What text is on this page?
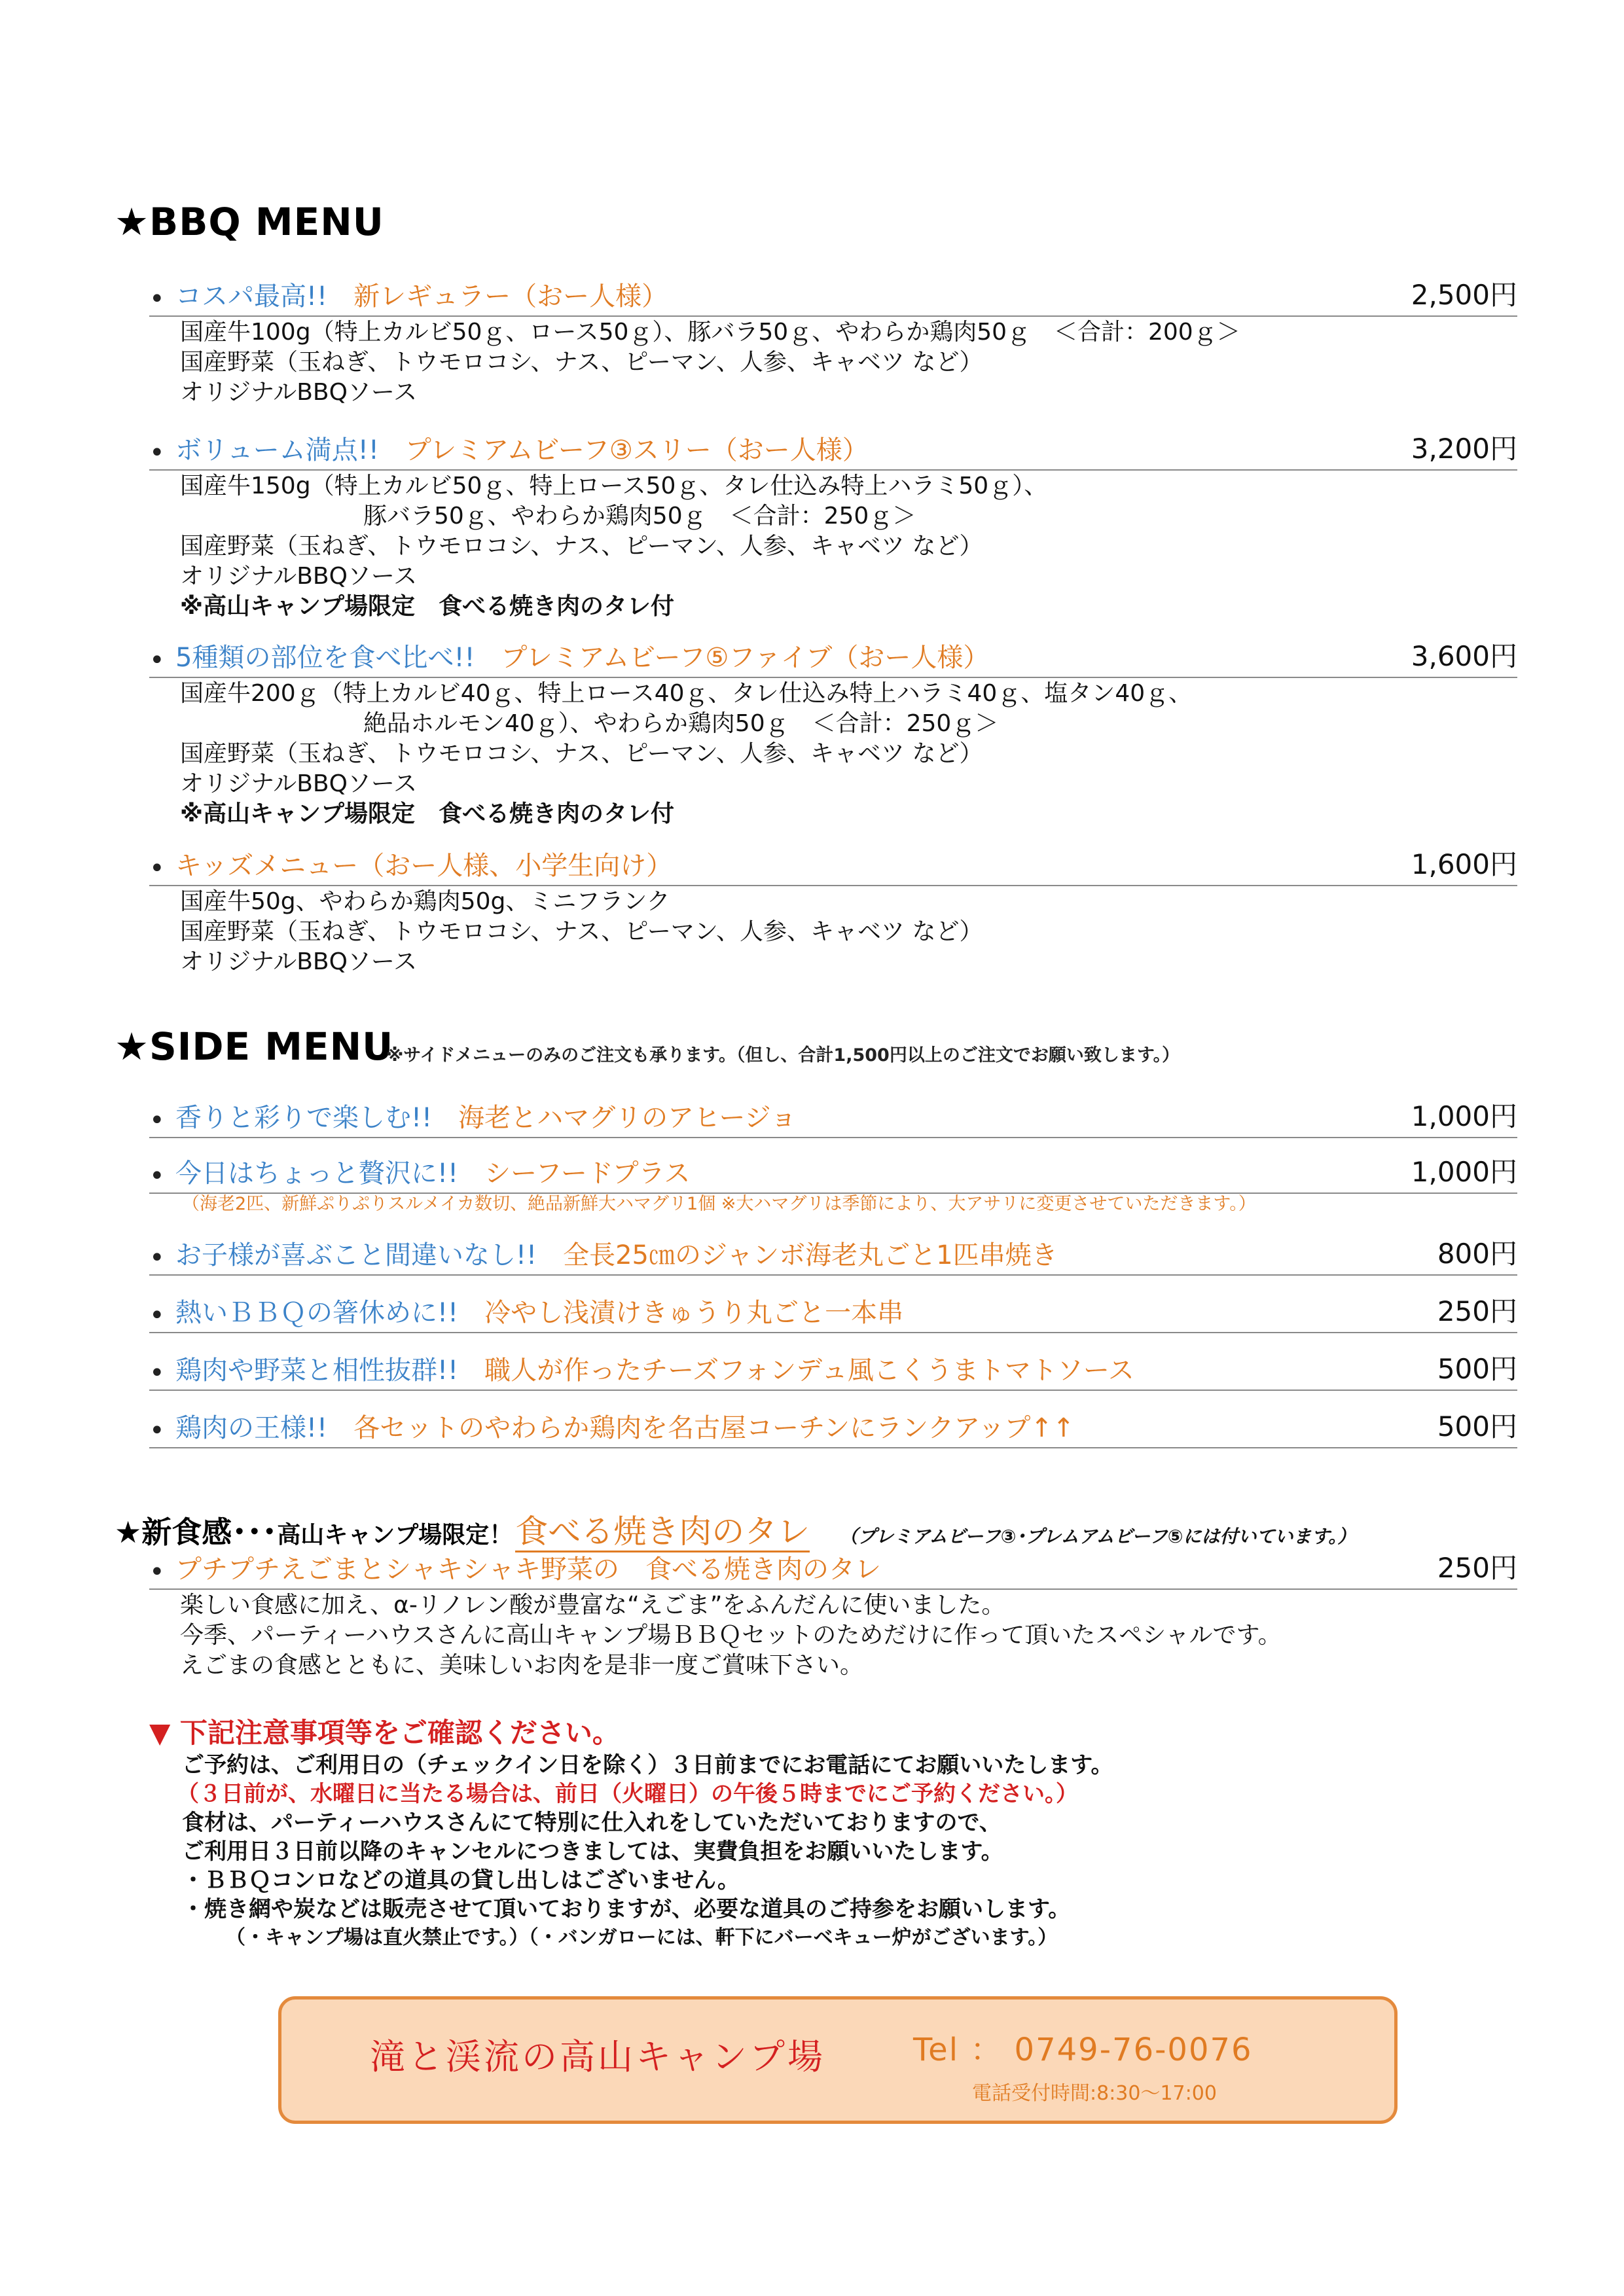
★BBQ MENU
• コスパ最高!!　 新レギュラー（おー人様）	2,500円
国産牛100g（特上カルビ50ｇ、ロース50ｇ）、豚バラ50ｇ、やわらか鶏肉50ｇ　＜合計：200ｇ＞
国産野菜（玉ねぎ、トウモロコシ、ナス、ピーマン、人参、キャベツ など）
オリジナルBBQソース
• ボリューム満点!!　 プレミアムビーフ③スリー（おー人様）	3,200円
国産牛150g（特上カルビ50ｇ、特上ロース50ｇ、タレ仕込み特上ハラミ50ｇ）、
豚バラ50ｇ、やわらか鶏肉50ｇ　＜合計：250ｇ＞
国産野菜（玉ねぎ、トウモロコシ、ナス、ピーマン、人参、キャベツ など）
オリジナルBBQソース
※高山キャンプ場限定　食べる焼き肉のタレ付
• 5種類の部位を食べ比べ!!　 プレミアムビーフ⑤ファイブ（おー人様）	3,600円
国産牛200ｇ（特上カルビ40ｇ、特上ロース40ｇ、タレ仕込み特上ハラミ40ｇ、塩タン40ｇ、
絶品ホルモン40ｇ）、やわらか鶏肉50ｇ　＜合計：250ｇ＞
国産野菜（玉ねぎ、トウモロコシ、ナス、ピーマン、人参、キャベツ など）
オリジナルBBQソース
※高山キャンプ場限定　食べる焼き肉のタレ付
• キッズメニュー（おー人様、小学生向け）	1,600円
国産牛50g、やわらか鶏肉50g、ミニフランク
国産野菜（玉ねぎ、トウモロコシ、ナス、ピーマン、人参、キャベツ など）
オリジナルBBQソース
★SIDE MENU
※サイドメニューのみのご注文も承ります。（但し、合計1,500円以上のご注文でお願い致します。）
• 香りと彩りで楽しむ!!　 海老とハマグリのアヒージョ	1,000円
• 今日はちょっと贅沢に!!　 シーフードプラス	1,000円
（海老2匹、新鮮ぷりぷりスルメイカ数切、絶品新鮮大ハマグリ1個 ※大ハマグリは季節により、大アサリに変更させていただきます。）
• お子様が喜ぶこと間違いなし!!　 全長25㎝のジャンボ海老丸ごと1匹串焼き	800円
• 熱いＢＢＱの箸休めに!!　 冷やし浅漬けきゅうり丸ごと一本串	250円
• 鶏肉や野菜と相性抜群!!　 職人が作ったチーズフォンデュ風こくうまトマトソース	500円
• 鶏肉の王様!!　 各セットのやわらか鶏肉を名古屋コーチンにランクアップ↑↑	500円
★新食感･･･高山キャンプ場限定！食べる焼き肉のタレ （プレミアムビーフ③･プレムアムビーフ⑤には付いています。）
• プチプチえごまとシャキシャキ野菜の　食べる焼き肉のタレ	250円
楽しい食感に加え、α-リノレン酸が豊富な“えごま”をふんだんに使いました。
今季、パーティーハウスさんに高山キャンプ場ＢＢＱセットのためだけに作って頂いたスペシャルです。
えごまの食感とともに、美味しいお肉を是非一度ご賞味下さい。
▼ 下記注意事項等をご確認ください。
ご予約は、ご利用日の（チェックイン日を除く）３日前までにお電話にてお願いいたします。
（３日前が、水曜日に当たる場合は、前日（火曜日）の午後５時までにご予約ください。）
食材は、パーティーハウスさんにて特別に仕入れをしていただいておりますので、
ご利用日３日前以降のキャンセルにつきましては、実費負担をお願いいたします。
・ＢＢＱコンロなどの道具の貸し出しはございません。
・焼き網や炭などは販売させて頂いておりますが、必要な道具のご持参をお願いします。
（・キャンプ場は直火禁止です。）（・バンガローには、軒下にバーベキュー炉がございます。）
滝と渓流の高山キャンプ場	Tel ： 0749-76-0076
電話受付時間:8:30～17:00
